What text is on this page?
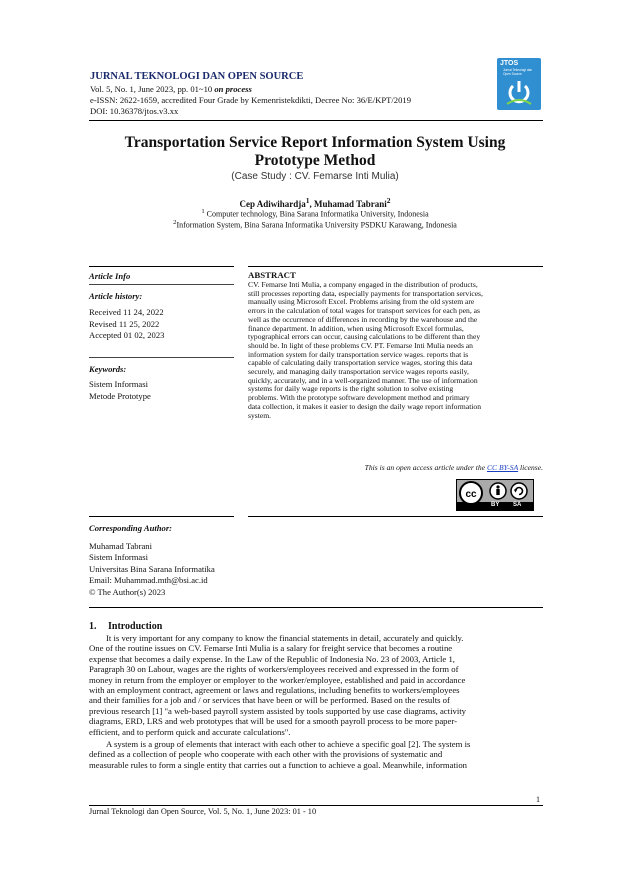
JURNAL TEKNOLOGI DAN OPEN SOURCE
Vol. 5, No. 1, June 2023, pp. 01~10 on process
e-ISSN: 2622-1659, accredited Four Grade by Kemenristekdikti, Decree No: 36/E/KPT/2019
DOI: 10.36378/jtos.v3.xx
JTOS
Jurnal Teknologi dan Open Source
Transportation Service Report Information System Using
Prototype Method
(Case Study : CV. Femarse Inti Mulia)
Cep Adiwihardja$^1$, Muhamad Tabrani$^2$
$^1$ Computer technology, Bina Sarana Informatika University, Indonesia
$^2$Information System, Bina Sarana Informatika University PSDKU Karawang, Indonesia
Article Info
Article history:
Received 11 24, 2022
Revised 11 25, 2022
Accepted 01 02, 2023
Keywords:
Sistem Informasi
Metode Prototype
ABSTRACT
CV. Femarse Inti Mulia, a company engaged in the distribution of products,
still processes reporting data, especially payments for transportation services,
manually using Microsoft Excel. Problems arising from the old system are
errors in the calculation of total wages for transport services for each pen, as
well as the occurrence of differences in recording by the warehouse and the
finance department. In addition, when using Microsoft Excel formulas,
typographical errors can occur, causing calculations to be different than they
should be. In light of these problems CV. PT. Femarse Inti Mulia needs an
information system for daily transportation service wages. reports that is
capable of calculating daily transportation service wages, storing this data
securely, and managing daily transportation service wages reports easily,
quickly, accurately, and in a well-organized manner. The use of information
systems for daily wage reports is the right solution to solve existing
problems. With the prototype software development method and primary
data collection, it makes it easier to design the daily wage report information
system.
This is an open access article under the CC BY-SA license.
cc
BY SA
Corresponding Author:
Muhamad Tabrani
Sistem Informasi
Universitas Bina Sarana Informatika
Email: Muhammad.mth@bsi.ac.id
© The Author(s) 2023
1. Introduction
It is very important for any company to know the financial statements in detail, accurately and quickly.
One of the routine issues on CV. Femarse Inti Mulia is a salary for freight service that becomes a routine
expense that becomes a daily expense. In the Law of the Republic of Indonesia No. 23 of 2003, Article 1,
Paragraph 30 on Labour, wages are the rights of workers/employees received and expressed in the form of
money in return from the employer or employer to the worker/employee, established and paid in accordance
with an employment contract, agreement or laws and regulations, including benefits to workers/employees
and their families for a job and / or services that have been or will be performed. Based on the results of
previous research [1] "a web-based payroll system assisted by tools supported by use case diagrams, activity
diagrams, ERD, LRS and web prototypes that will be used for a smooth payroll process to be more paper-
efficient, and to perform quick and accurate calculations".
A system is a group of elements that interact with each other to achieve a specific goal [2]. The system is
defined as a collection of people who cooperate with each other with the provisions of systematic and
measurable rules to form a single entity that carries out a function to achieve a goal. Meanwhile, information
1
Jurnal Teknologi dan Open Source, Vol. 5, No. 1, June 2023: 01 - 10
